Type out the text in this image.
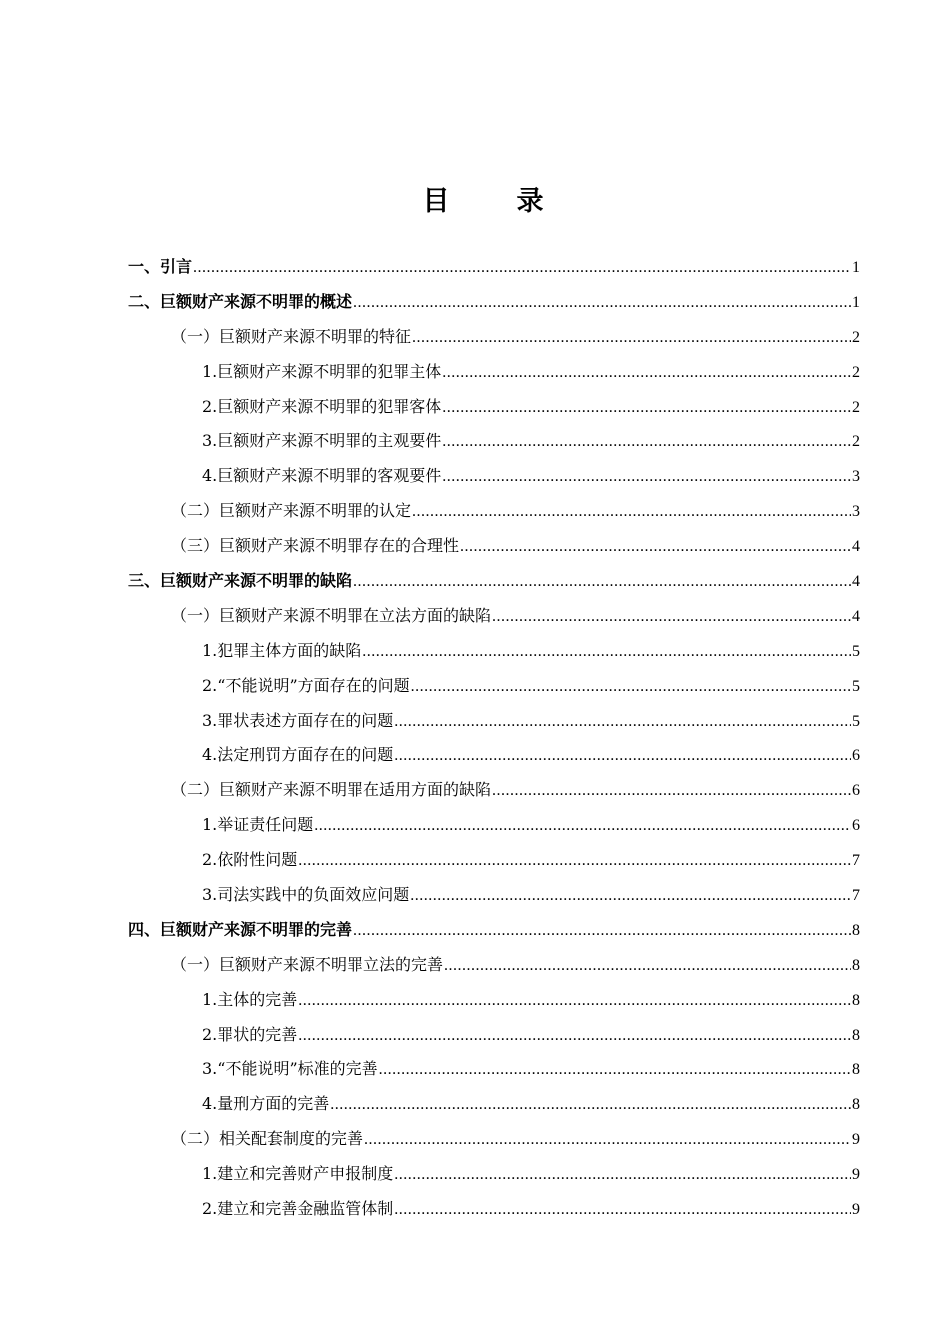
目　录
一、引言 .....	1
二、巨额财产来源不明罪的概述 .....	1
（一）巨额财产来源不明罪的特征 .....	2
1.巨额财产来源不明罪的犯罪主体 .....	2
2.巨额财产来源不明罪的犯罪客体 .....	2
3.巨额财产来源不明罪的主观要件 .....	2
4.巨额财产来源不明罪的客观要件 .....	3
（二）巨额财产来源不明罪的认定 .....	3
（三）巨额财产来源不明罪存在的合理性 .....	4
三、巨额财产来源不明罪的缺陷 .....	4
（一）巨额财产来源不明罪在立法方面的缺陷 .....	4
1.犯罪主体方面的缺陷 .....	5
2.“不能说明”方面存在的问题 .....	5
3.罪状表述方面存在的问题 .....	5
4.法定刑罚方面存在的问题 .....	6
（二）巨额财产来源不明罪在适用方面的缺陷 .....	6
1.举证责任问题 .....	6
2.依附性问题 .....	7
3.司法实践中的负面效应问题 .....	7
四、巨额财产来源不明罪的完善 .....	8
（一）巨额财产来源不明罪立法的完善 .....	8
1.主体的完善 .....	8
2.罪状的完善 .....	8
3.“不能说明”标准的完善 .....	8
4.量刑方面的完善 .....	8
（二）相关配套制度的完善 .....	9
1.建立和完善财产申报制度 .....	9
2.建立和完善金融监管体制 .....	9
